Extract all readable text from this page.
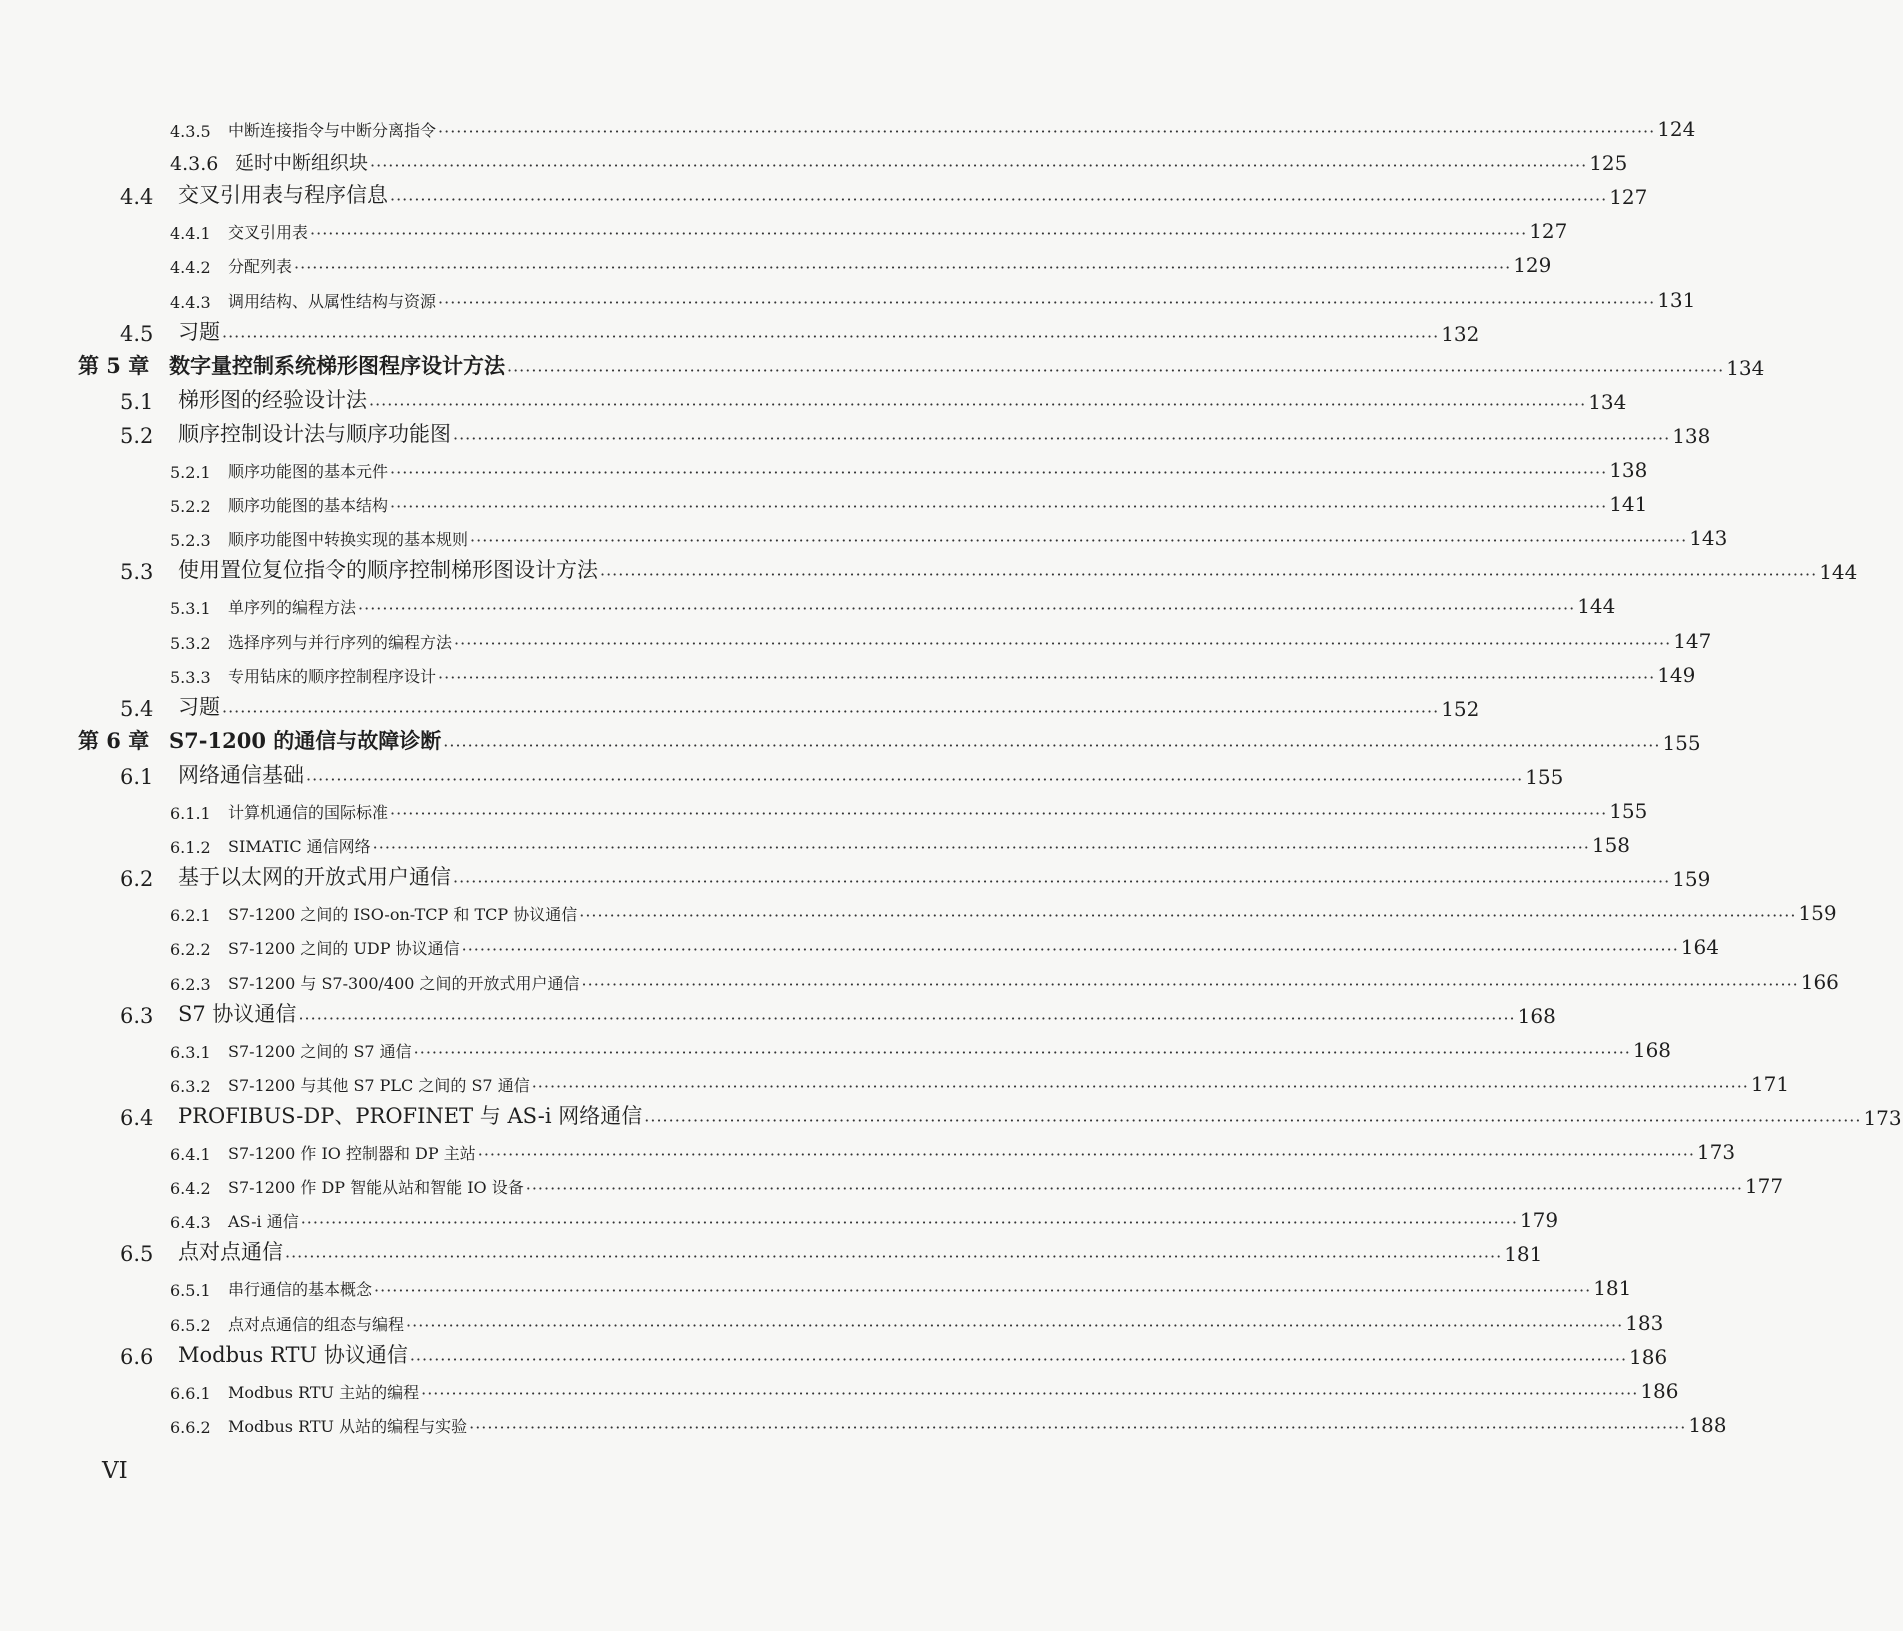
4.3.5	中断连接指令与中断分离指令 ········································································································································································································ 124
4.3.6 延时中断组织块 ········································································································································································································ 125
4.4	交叉引用表与程序信息 ········································································································································································································ 127
4.4.1	交叉引用表 ········································································································································································································ 127
4.4.2	分配列表 ········································································································································································································ 129
4.4.3	调用结构、从属性结构与资源 ········································································································································································································ 131
4.5	习题 ········································································································································································································ 132
第 5 章 数字量控制系统梯形图程序设计方法 ········································································································································································································ 134
5.1	梯形图的经验设计法 ········································································································································································································ 134
5.2	顺序控制设计法与顺序功能图 ········································································································································································································ 138
5.2.1	顺序功能图的基本元件 ········································································································································································································ 138
5.2.2	顺序功能图的基本结构 ········································································································································································································ 141
5.2.3	顺序功能图中转换实现的基本规则 ········································································································································································································ 143
5.3	使用置位复位指令的顺序控制梯形图设计方法 ········································································································································································································ 144
5.3.1	单序列的编程方法 ········································································································································································································ 144
5.3.2	选择序列与并行序列的编程方法 ········································································································································································································ 147
5.3.3	专用钻床的顺序控制程序设计 ········································································································································································································ 149
5.4	习题 ········································································································································································································ 152
第 6 章 S7-1200 的通信与故障诊断 ········································································································································································································ 155
6.1	网络通信基础 ········································································································································································································ 155
6.1.1	计算机通信的国际标准 ········································································································································································································ 155
6.1.2	SIMATIC 通信网络 ········································································································································································································ 158
6.2	基于以太网的开放式用户通信 ········································································································································································································ 159
6.2.1	S7-1200 之间的 ISO-on-TCP 和 TCP 协议通信 ········································································································································································································ 159
6.2.2	S7-1200 之间的 UDP 协议通信 ········································································································································································································ 164
6.2.3	S7-1200 与 S7-300/400 之间的开放式用户通信 ········································································································································································································ 166
6.3	S7 协议通信 ········································································································································································································ 168
6.3.1	S7-1200 之间的 S7 通信 ········································································································································································································ 168
6.3.2	S7-1200 与其他 S7 PLC 之间的 S7 通信 ········································································································································································································ 171
6.4	PROFIBUS-DP、PROFINET 与 AS-i 网络通信 ········································································································································································································ 173
6.4.1	S7-1200 作 IO 控制器和 DP 主站 ········································································································································································································ 173
6.4.2	S7-1200 作 DP 智能从站和智能 IO 设备 ········································································································································································································ 177
6.4.3	AS-i 通信 ········································································································································································································ 179
6.5	点对点通信 ········································································································································································································ 181
6.5.1	串行通信的基本概念 ········································································································································································································ 181
6.5.2	点对点通信的组态与编程 ········································································································································································································ 183
6.6	Modbus RTU 协议通信 ········································································································································································································ 186
6.6.1	Modbus RTU 主站的编程 ········································································································································································································ 186
6.6.2	Modbus RTU 从站的编程与实验 ········································································································································································································ 188
VI
